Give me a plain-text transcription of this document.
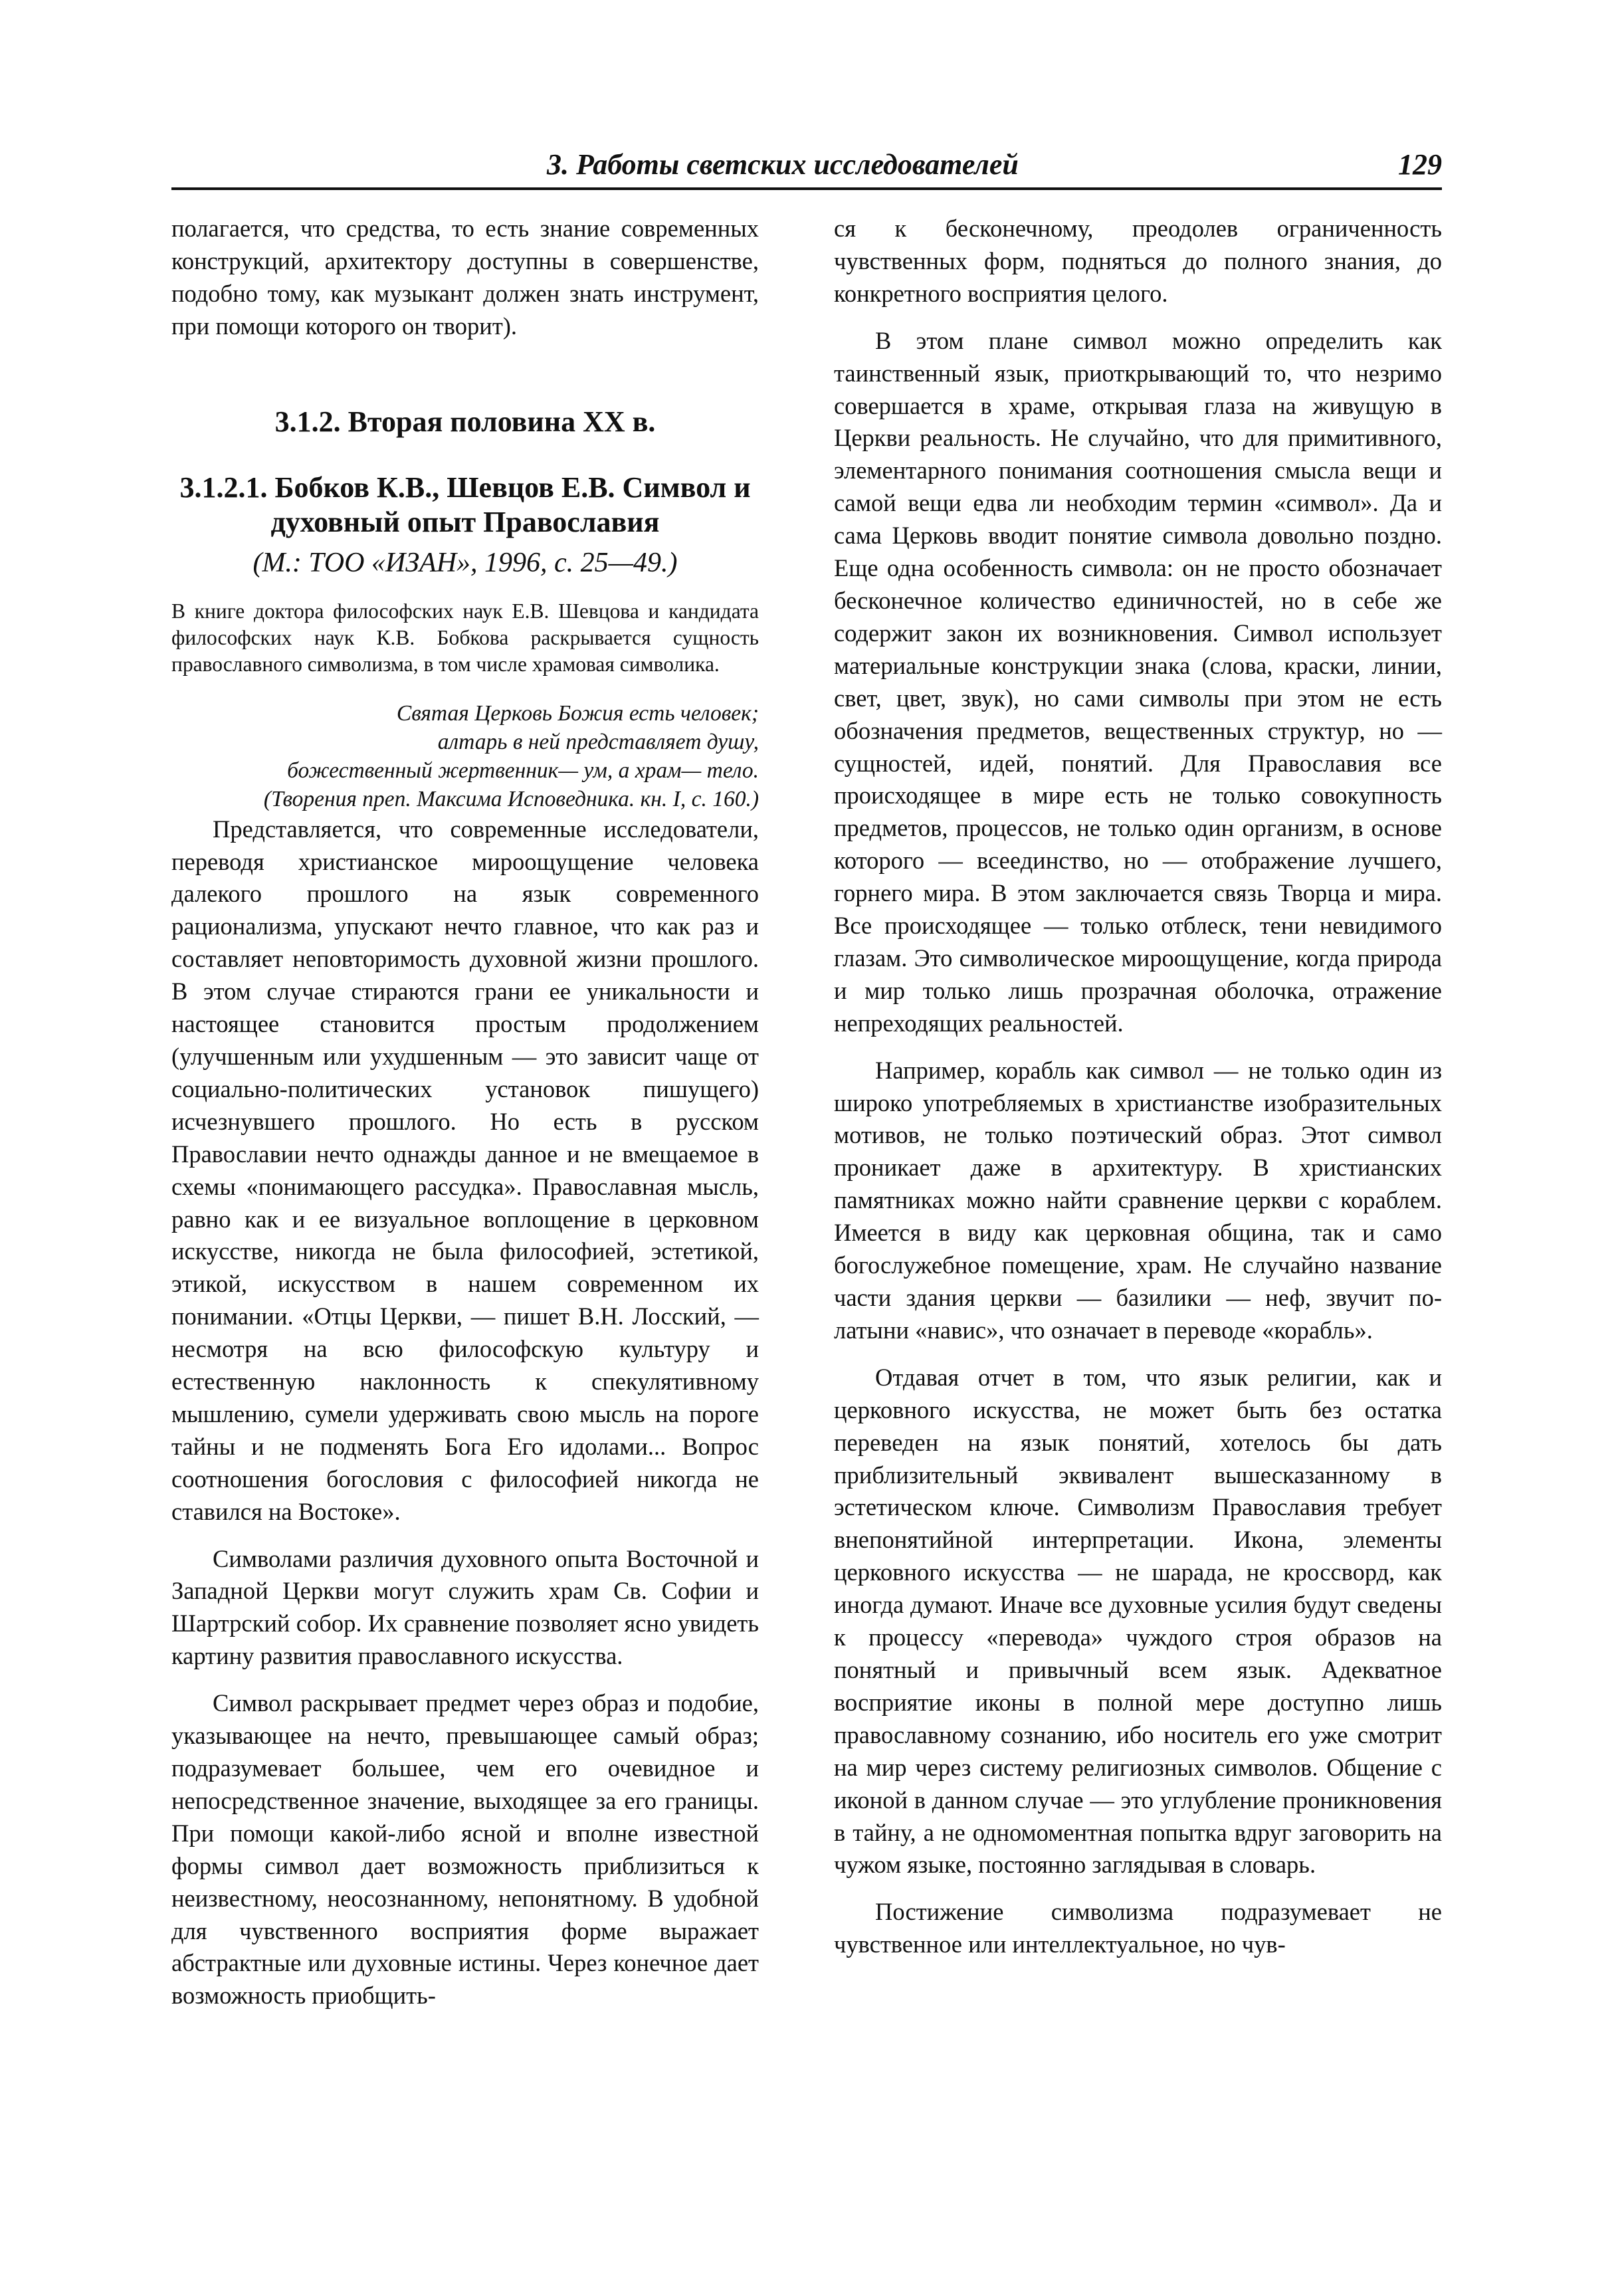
3. Работы светских исследователей	129

полагается, что средства, то есть знание современных конструкций, архитектору доступны в совершенстве, подобно тому, как музыкант должен знать инструмент, при помощи которого он творит).

3.1.2. Вторая половина XX в.
3.1.2.1. Бобков К.В., Шевцов Е.В. Символ и духовный опыт Православия
(М.: ТОО «ИЗАН», 1996, с. 25—49.)

В книге доктора философских наук Е.В. Шевцова и кандидата философских наук К.В. Бобкова раскрывается сущность православного символизма, в том числе храмовая символика.

Святая Церковь Божия есть человек;
алтарь в ней представляет душу,
божественный жертвенник— ум, а храм— тело.
(Творения преп. Максима Исповедника. кн. I, с. 160.)

Представляется, что современные исследователи, переводя христианское мироощущение человека далекого прошлого на язык современного рационализма, упускают нечто главное, что как раз и составляет неповторимость духовной жизни прошлого. В этом случае стираются грани ее уникальности и настоящее становится простым продолжением (улучшенным или ухудшенным — это зависит чаще от социально-политических установок пишущего) исчезнувшего прошлого. Но есть в русском Православии нечто однажды данное и не вмещаемое в схемы «понимающего рассудка». Православная мысль, равно как и ее визуальное воплощение в церковном искусстве, никогда не была философией, эстетикой, этикой, искусством в нашем современном их понимании. «Отцы Церкви, — пишет В.Н. Лосский, — несмотря на всю философскую культуру и естественную наклонность к спекулятивному мышлению, сумели удерживать свою мысль на пороге тайны и не подменять Бога Его идолами... Вопрос соотношения богословия с философией никогда не ставился на Востоке».

Символами различия духовного опыта Восточной и Западной Церкви могут служить храм Св. Софии и Шартрский собор. Их сравнение позволяет ясно увидеть картину развития православного искусства.

Символ раскрывает предмет через образ и подобие, указывающее на нечто, превышающее самый образ; подразумевает большее, чем его очевидное и непосредственное значение, выходящее за его границы. При помощи какой-либо ясной и вполне известной формы символ дает возможность приблизиться к неизвестному, неосознанному, непонятному. В удобной для чувственного восприятия форме выражает абстрактные или духовные истины. Через конечное дает возможность приобщить-

ся к бесконечному, преодолев ограниченность чувственных форм, подняться до полного знания, до конкретного восприятия целого.

В этом плане символ можно определить как таинственный язык, приоткрывающий то, что незримо совершается в храме, открывая глаза на живущую в Церкви реальность. Не случайно, что для примитивного, элементарного понимания соотношения смысла вещи и самой вещи едва ли необходим термин «символ». Да и сама Церковь вводит понятие символа довольно поздно. Еще одна особенность символа: он не просто обозначает бесконечное количество единичностей, но в себе же содержит закон их возникновения. Символ использует материальные конструкции знака (слова, краски, линии, свет, цвет, звук), но сами символы при этом не есть обозначения предметов, вещественных структур, но — сущностей, идей, понятий. Для Православия все происходящее в мире есть не только совокупность предметов, процессов, не только один организм, в основе которого — всеединство, но — отображение лучшего, горнего мира. В этом заключается связь Творца и мира. Все происходящее — только отблеск, тени невидимого глазам. Это символическое мироощущение, когда природа и мир только лишь прозрачная оболочка, отражение непреходящих реальностей.

Например, корабль как символ — не только один из широко употребляемых в христианстве изобразительных мотивов, не только поэтический образ. Этот символ проникает даже в архитектуру. В христианских памятниках можно найти сравнение церкви с кораблем. Имеется в виду как церковная община, так и само богослужебное помещение, храм. Не случайно название части здания церкви — базилики — неф, звучит по-латыни «навис», что означает в переводе «корабль».

Отдавая отчет в том, что язык религии, как и церковного искусства, не может быть без остатка переведен на язык понятий, хотелось бы дать приблизительный эквивалент вышесказанному в эстетическом ключе. Символизм Православия требует внепонятийной интерпретации. Икона, элементы церковного искусства — не шарада, не кроссворд, как иногда думают. Иначе все духовные усилия будут сведены к процессу «перевода» чуждого строя образов на понятный и привычный всем язык. Адекватное восприятие иконы в полной мере доступно лишь православному сознанию, ибо носитель его уже смотрит на мир через систему религиозных символов. Общение с иконой в данном случае — это углубление проникновения в тайну, а не одномоментная попытка вдруг заговорить на чужом языке, постоянно заглядывая в словарь.

Постижение символизма подразумевает не чувственное или интеллектуальное, но чув-
